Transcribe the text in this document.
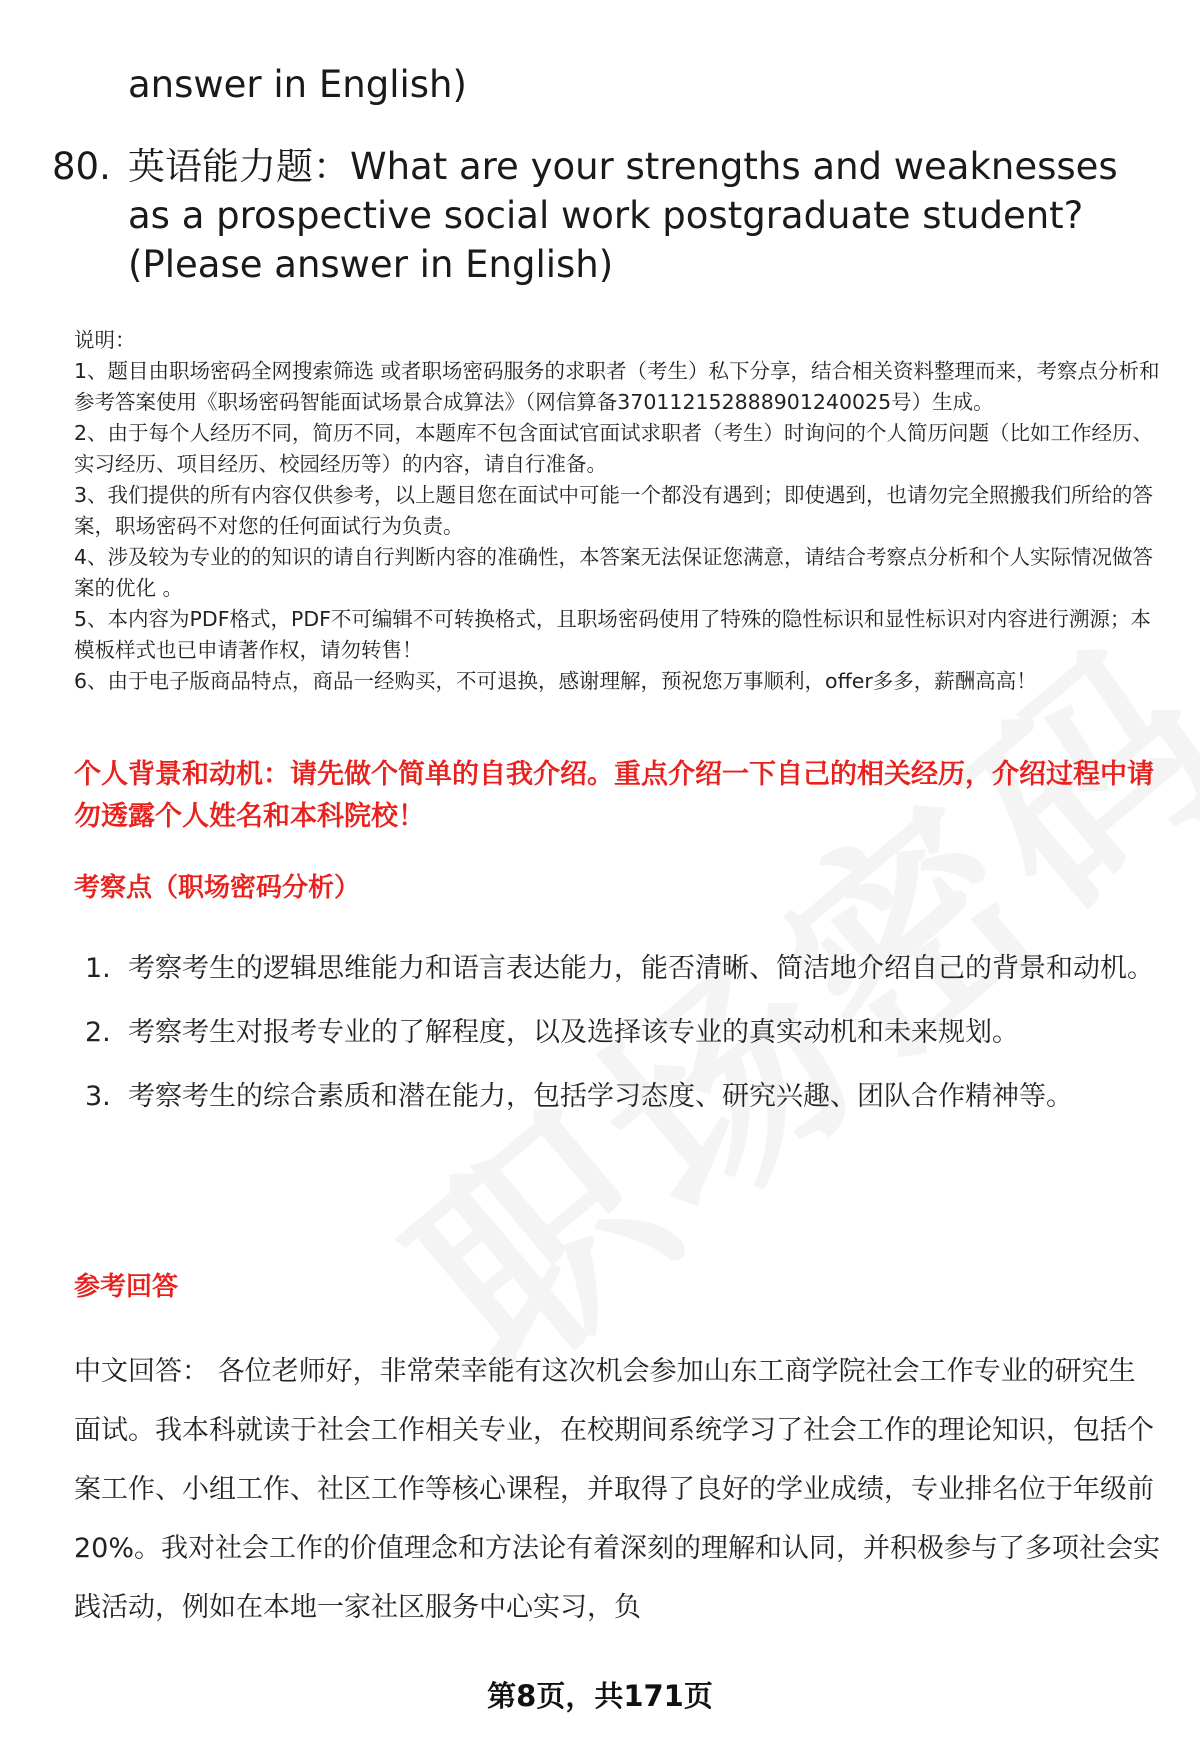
answer in English)
80. 英语能力题：What are your strengths and weaknesses as a prospective social work postgraduate student? (Please answer in English)

说明：

1、题目由职场密码全网搜索筛选 或者职场密码服务的求职者（考生）私下分享，结合相关资料整理而来，考察点分析和参考答案使用《职场密码智能面试场景合成算法》（网信算备370112152888901240025号）生成。

2、由于每个人经历不同，简历不同，本题库不包含面试官面试求职者（考生）时询问的个人简历问题（比如工作经历、实习经历、项目经历、校园经历等）的内容，请自行准备。

3、我们提供的所有内容仅供参考，以上题目您在面试中可能一个都没有遇到；即使遇到，也请勿完全照搬我们所给的答案，职场密码不对您的任何面试行为负责。

4、涉及较为专业的的知识的请自行判断内容的准确性，本答案无法保证您满意，请结合考察点分析和个人实际情况做答案的优化 。

5、本内容为PDF格式，PDF不可编辑不可转换格式，且职场密码使用了特殊的隐性标识和显性标识对内容进行溯源；本模板样式也已申请著作权，请勿转售！

6、由于电子版商品特点，商品一经购买，不可退换，感谢理解，预祝您万事顺利，offer多多，薪酬高高！

个人背景和动机：请先做个简单的自我介绍。重点介绍一下自己的相关经历，介绍过程中请勿透露个人姓名和本科院校！
考察点（职场密码分析）
1. 考察考生的逻辑思维能力和语言表达能力，能否清晰、简洁地介绍自己的背景和动机。
2. 考察考生对报考专业的了解程度，以及选择该专业的真实动机和未来规划。
3. 考察考生的综合素质和潜在能力，包括学习态度、研究兴趣、团队合作精神等。
参考回答

中文回答： 各位老师好，非常荣幸能有这次机会参加山东工商学院社会工作专业的研究生面试。我本科就读于社会工作相关专业，在校期间系统学习了社会工作的理论知识，包括个案工作、小组工作、社区工作等核心课程，并取得了良好的学业成绩，专业排名位于年级前20%。我对社会工作的价值理念和方法论有着深刻的理解和认同，并积极参与了多项社会实践活动，例如在本地一家社区服务中心实习，负

第8页，共171页
